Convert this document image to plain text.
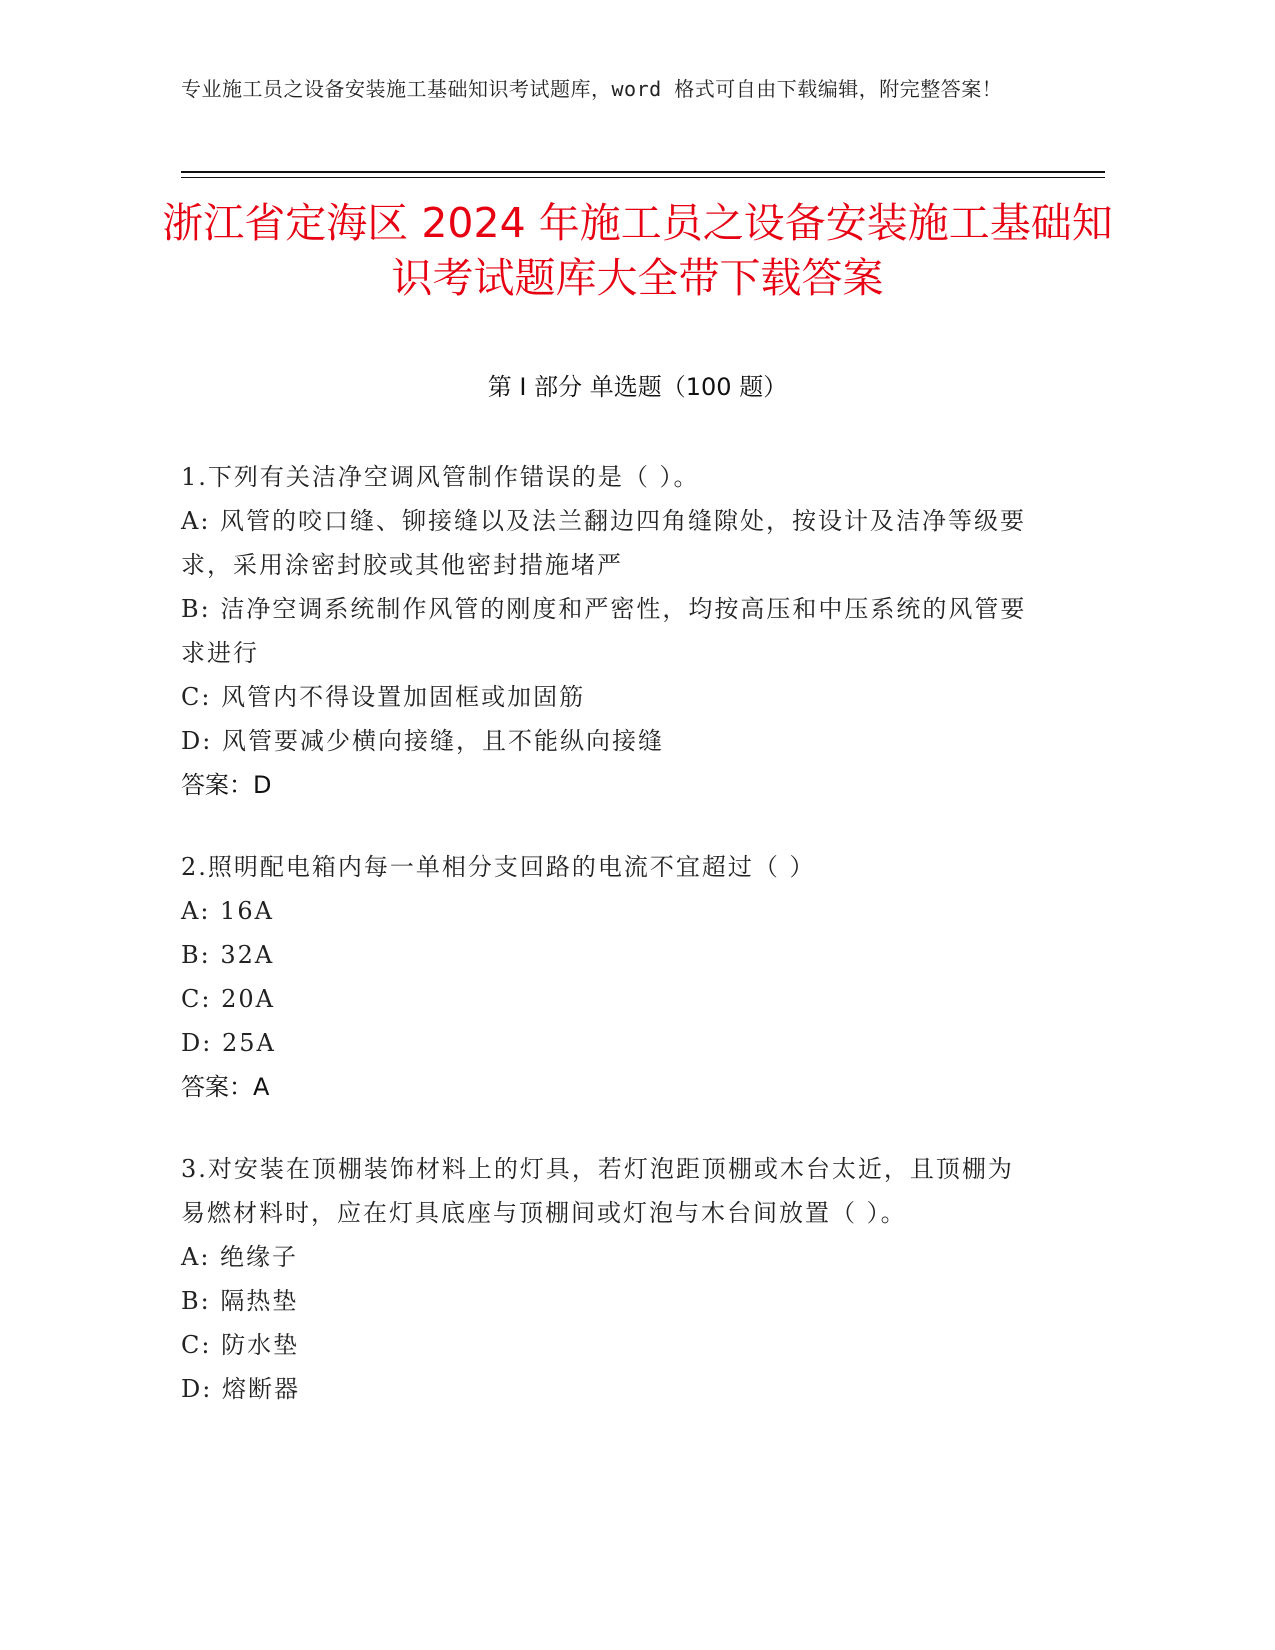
专业施工员之设备安装施工基础知识考试题库，word 格式可自由下载编辑，附完整答案！
浙江省定海区 2024 年施工员之设备安装施工基础知识考试题库大全带下载答案
第 I 部分 单选题（100 题）
1.下列有关洁净空调风管制作错误的是（ ）。
A: 风管的咬口缝、铆接缝以及法兰翻边四角缝隙处，按设计及洁净等级要求，采用涂密封胶或其他密封措施堵严
B: 洁净空调系统制作风管的刚度和严密性，均按高压和中压系统的风管要求进行
C: 风管内不得设置加固框或加固筋
D: 风管要减少横向接缝，且不能纵向接缝
答案：D
2.照明配电箱内每一单相分支回路的电流不宜超过（ ）
A: 16A
B: 32A
C: 20A
D: 25A
答案：A
3.对安装在顶棚装饰材料上的灯具，若灯泡距顶棚或木台太近，且顶棚为易燃材料时，应在灯具底座与顶棚间或灯泡与木台间放置（ ）。
A: 绝缘子
B: 隔热垫
C: 防水垫
D: 熔断器
